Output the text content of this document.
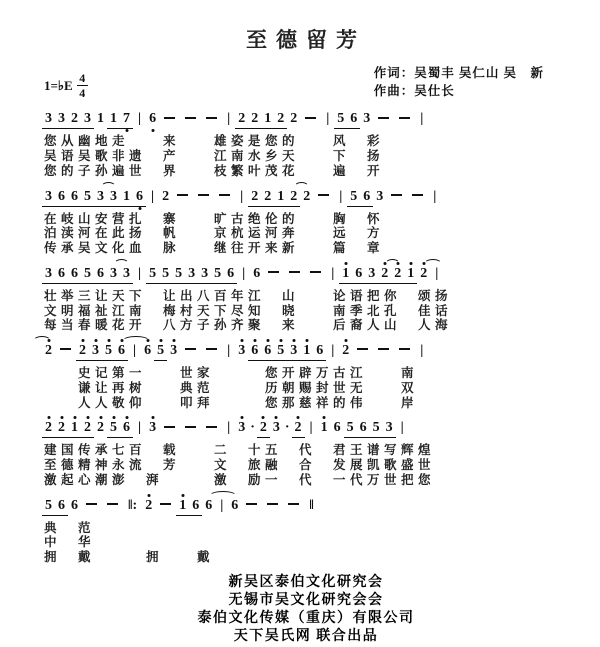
至德留芳
1=♭E 4
4
作词：吴蜀丰 吴仁山 吴　新
作曲：吴仕长
3 3 2 3 1 1 7 | 6	| 2 2 1 2 2 | 5 6 3	|
您从幽地走　　来　　雄姿是您的　　风　彩
吴语吴歌非遗　产　　江南水乡天　　下　扬
您的子孙遍世　界　　枝繁叶茂花　　遍　开
3 6 6 5 3 3 1 6 | 2	| 2 2 1 2 2 | 5 6 3	|
在岐山安营扎　寨　　旷古绝伦的　　胸　怀
泊渎河在此扬　帆　　京杭运河奔　　远　方
传承吴文化血　脉　　继往开来新　　篇　章
3 6 6 5 6 3 3 | 5 5 5 3 3 5 6 | 6	| 1 6 3 2 2 1 2 |
壮举三让天下　让出八百年江　山　　论语把你　颂扬
文明福祉江南　梅村天下尽知　晓　　南季北孔　佳话
每当春暖花开　八方子孙齐聚　来　　后裔人山　人海
2 2 3 5 6 | 6 5 3	| 3 6 6 5 3 1 6 | 2	|
　　史记第一　　世家　　　您开辟万古江　　南
　　谦让再树　　典范　　　历朝赐封世无　　双
　　人人敬仰　　叩拜　　　您那慈祥的伟　　岸
2 2 1 2 2 5 6 | 3	| 3 · 2 3 · 2 | 1 6 5 6 5 3 |
建国传承七百　载　　二　十五　代　君王谱写辉煌
至德精神永流　芳　　文　旅融　合　发展凯歌盛世
激起心潮澎　湃　　　激　励一　代　一代万世把您
5 6 6	‖: 2 1 6 6 | 6	‖
典　范
中　华
拥　戴　　　拥　　戴
新吴区泰伯文化研究会
无锡市吴文化研究会会
泰伯文化传媒（重庆）有限公司
天下吴氏网 联合出品
